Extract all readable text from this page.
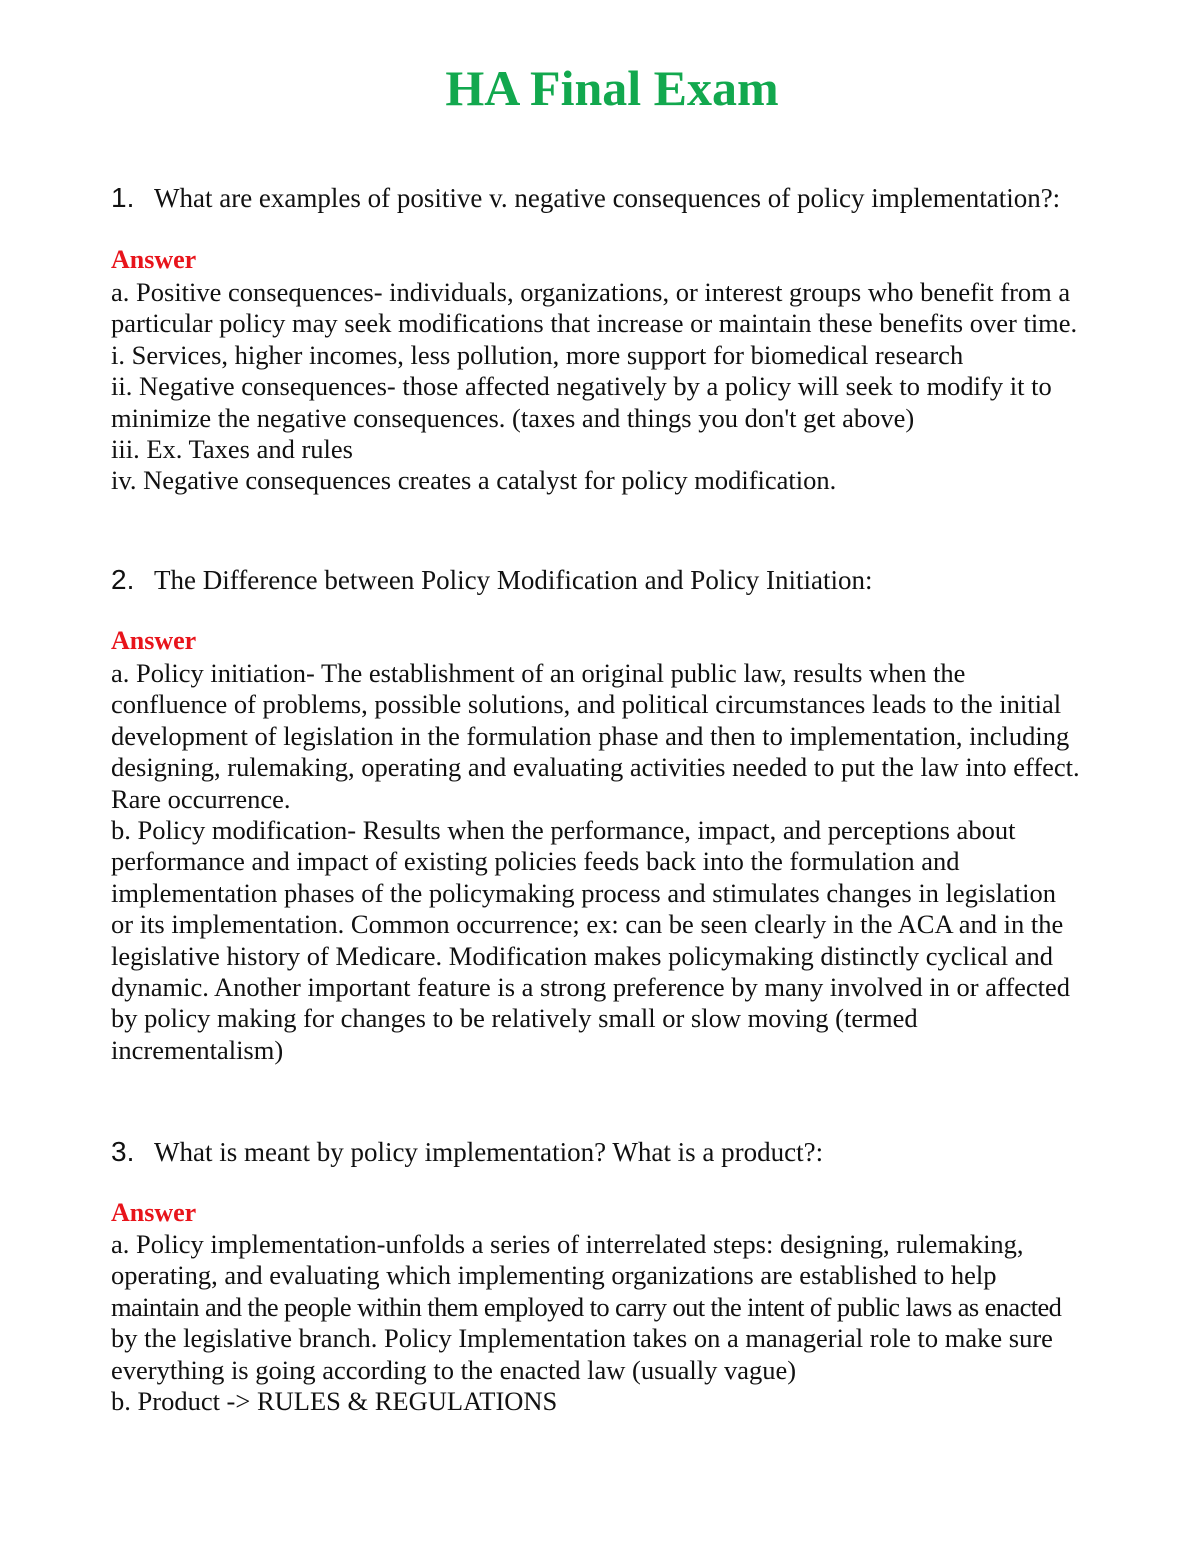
HA Final Exam
1. What are examples of positive v. negative consequences of policy implementation?:
Answer
a. Positive consequences- individuals, organizations, or interest groups who benefit from a
particular policy may seek modifications that increase or maintain these benefits over time.
i. Services, higher incomes, less pollution, more support for biomedical research
ii. Negative consequences- those affected negatively by a policy will seek to modify it to
minimize the negative consequences. (taxes and things you don't get above)
iii. Ex. Taxes and rules
iv. Negative consequences creates a catalyst for policy modification.
2. The Difference between Policy Modification and Policy Initiation:
Answer
a. Policy initiation- The establishment of an original public law, results when the
confluence of problems, possible solutions, and political circumstances leads to the initial
development of legislation in the formulation phase and then to implementation, including
designing, rulemaking, operating and evaluating activities needed to put the law into effect.
Rare occurrence.
b. Policy modification- Results when the performance, impact, and perceptions about
performance and impact of existing policies feeds back into the formulation and
implementation phases of the policymaking process and stimulates changes in legislation
or its implementation. Common occurrence; ex: can be seen clearly in the ACA and in the
legislative history of Medicare. Modification makes policymaking distinctly cyclical and
dynamic. Another important feature is a strong preference by many involved in or affected
by policy making for changes to be relatively small or slow moving (termed
incrementalism)
3. What is meant by policy implementation? What is a product?:
Answer
a. Policy implementation-unfolds a series of interrelated steps: designing, rulemaking,
operating, and evaluating which implementing organizations are established to help
maintain and the people within them employed to carry out the intent of public laws as enacted
by the legislative branch. Policy Implementation takes on a managerial role to make sure
everything is going according to the enacted law (usually vague)
b. Product -> RULES & REGULATIONS
